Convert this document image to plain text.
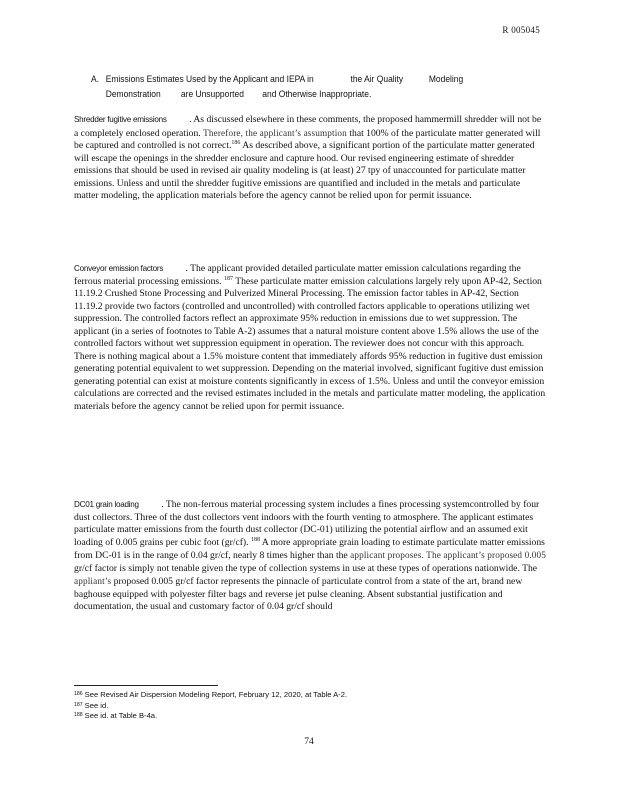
R 005045
A. Emissions Estimates Used by the Applicant and IEPA in	the Air Quality	Modeling
Demonstration are Unsupported and Otherwise Inappropriate.
Shredder fugitive emissions . As discussed elsewhere in these comments, the proposed hammermill shredder will not be a completely enclosed operation. Therefore, the applicant’s assumption that 100% of the particulate matter generated will be captured and controlled is not correct.$^{186}$ As described above, a significant portion of the particulate matter generated will escape the openings in the shredder enclosure and capture hood. Our revised engineering estimate of shredder emissions that should be used in revised air quality modeling is (at least) 27 tpy of unaccounted for particulate matter emissions. Unless and until the shredder fugitive emissions are quantified and included in the metals and particulate matter modeling, the application materials before the agency cannot be relied upon for permit issuance.
Conveyor emission factors . The applicant provided detailed particulate matter emission calculations regarding the ferrous material processing emissions. $^{187}$ These particulate matter emission calculations largely rely upon AP-42, Section 11.19.2 Crushed Stone Processing and Pulverized Mineral Processing. The emission factor tables in AP-42, Section 11.19.2 provide two factors (controlled and uncontrolled) with controlled factors applicable to operations utilizing wet suppression. The controlled factors reflect an approximate 95% reduction in emissions due to wet suppression. The applicant (in a series of footnotes to Table A-2) assumes that a natural moisture content above 1.5% allows the use of the controlled factors without wet suppression equipment in operation. The reviewer does not concur with this approach. There is nothing magical about a 1.5% moisture content that immediately affords 95% reduction in fugitive dust emission generating potential equivalent to wet suppression. Depending on the material involved, significant fugitive dust emission generating potential can exist at moisture contents significantly in excess of 1.5%. Unless and until the conveyor emission calculations are corrected and the revised estimates included in the metals and particulate matter modeling, the application materials before the agency cannot be relied upon for permit issuance.
DC01 grain loading . The non-ferrous material processing system includes a fines processing systemcontrolled by four dust collectors. Three of the dust collectors vent indoors with the fourth venting to atmosphere. The applicant estimates particulate matter emissions from the fourth dust collector (DC-01) utilizing the potential airflow and an assumed exit loading of 0.005 grains per cubic foot (gr/cf). $^{188}$ A more appropriate grain loading to estimate particulate matter emissions from DC-01 is in the range of 0.04 gr/cf, nearly 8 times higher than the applicant proposes. The applicant’s proposed 0.005 gr/cf factor is simply not tenable given the type of collection systems in use at these types of operations nationwide. The appliant’s proposed 0.005 gr/cf factor represents the pinnacle of particulate control from a state of the art, brand new baghouse equipped with polyester filter bags and reverse jet pulse cleaning. Absent substantial justification and documentation, the usual and customary factor of 0.04 gr/cf should
$^{186}$ See Revised Air Dispersion Modeling Report, February 12, 2020, at Table A-2.
$^{187}$ See id.
$^{188}$ See id. at Table B-4a.
74
